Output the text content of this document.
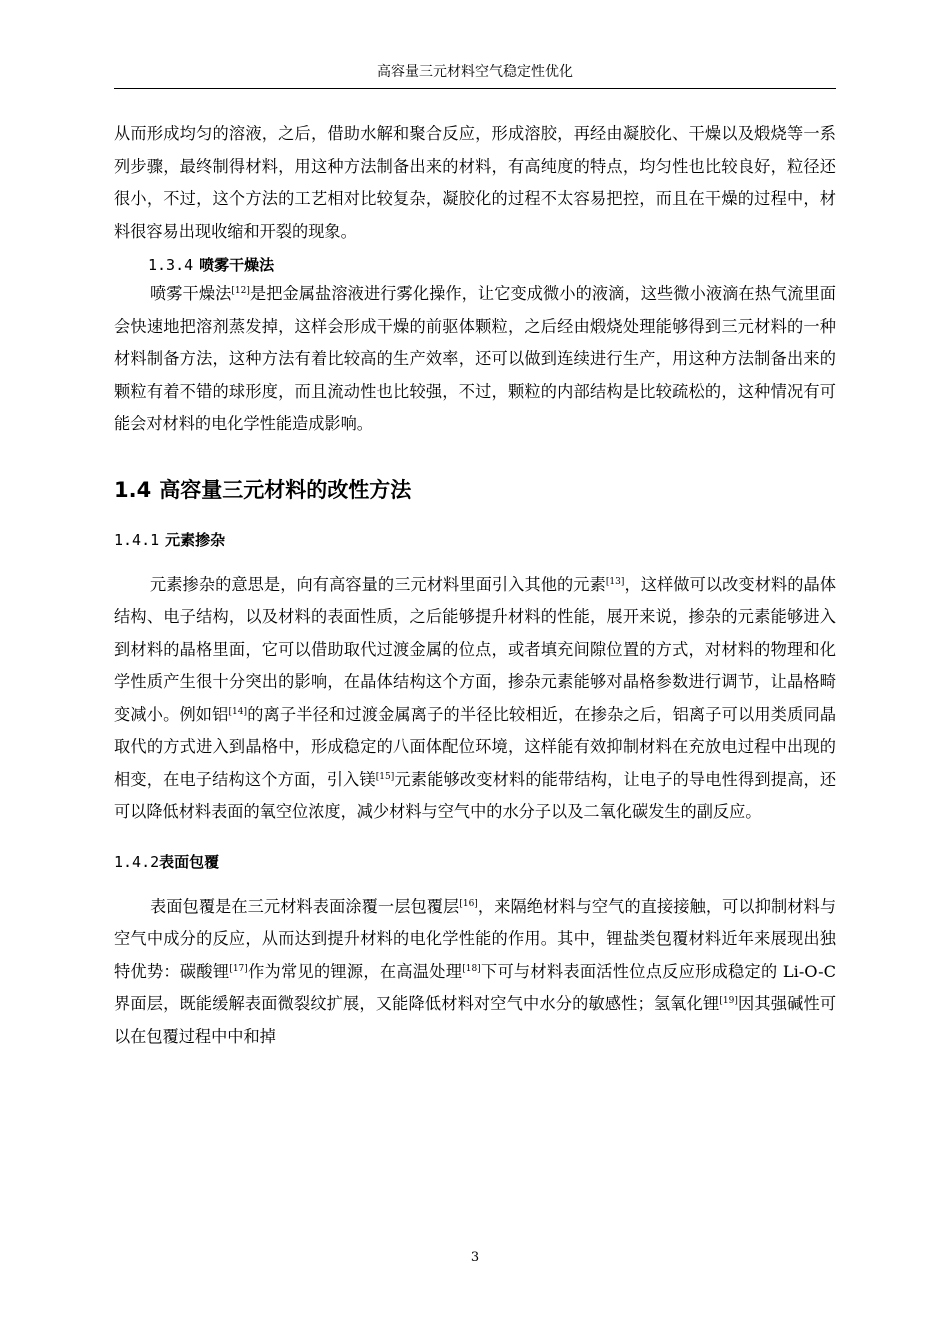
高容量三元材料空气稳定性优化

从而形成均匀的溶液，之后，借助水解和聚合反应，形成溶胶，再经由凝胶化、干燥以及煅烧等一系列步骤，最终制得材料，用这种方法制备出来的材料，有高纯度的特点，均匀性也比较良好，粒径还很小，不过，这个方法的工艺相对比较复杂，凝胶化的过程不太容易把控，而且在干燥的过程中，材料很容易出现收缩和开裂的现象。

1.3.4 喷雾干燥法

喷雾干燥法[12]是把金属盐溶液进行雾化操作，让它变成微小的液滴，这些微小液滴在热气流里面会快速地把溶剂蒸发掉，这样会形成干燥的前驱体颗粒，之后经由煅烧处理能够得到三元材料的一种材料制备方法，这种方法有着比较高的生产效率，还可以做到连续进行生产，用这种方法制备出来的颗粒有着不错的球形度，而且流动性也比较强，不过，颗粒的内部结构是比较疏松的，这种情况有可能会对材料的电化学性能造成影响。

1.4 高容量三元材料的改性方法
1.4.1 元素掺杂

元素掺杂的意思是，向有高容量的三元材料里面引入其他的元素[13]，这样做可以改变材料的晶体结构、电子结构，以及材料的表面性质，之后能够提升材料的性能，展开来说，掺杂的元素能够进入到材料的晶格里面，它可以借助取代过渡金属的位点，或者填充间隙位置的方式，对材料的物理和化学性质产生很十分突出的影响，在晶体结构这个方面，掺杂元素能够对晶格参数进行调节，让晶格畸变减小。例如铝[14]的离子半径和过渡金属离子的半径比较相近，在掺杂之后，铝离子可以用类质同晶取代的方式进入到晶格中，形成稳定的八面体配位环境，这样能有效抑制材料在充放电过程中出现的相变，在电子结构这个方面，引入镁[15]元素能够改变材料的能带结构，让电子的导电性得到提高，还可以降低材料表面的氧空位浓度，减少材料与空气中的水分子以及二氧化碳发生的副反应。

1.4.2表面包覆

表面包覆是在三元材料表面涂覆一层包覆层[16]，来隔绝材料与空气的直接接触，可以抑制材料与空气中成分的反应，从而达到提升材料的电化学性能的作用。其中，锂盐类包覆材料近年来展现出独特优势：碳酸锂[17]作为常见的锂源，在高温处理[18]下可与材料表面活性位点反应形成稳定的 Li-O-C 界面层，既能缓解表面微裂纹扩展，又能降低材料对空气中水分的敏感性；氢氧化锂[19]因其强碱性可以在包覆过程中中和掉

3
